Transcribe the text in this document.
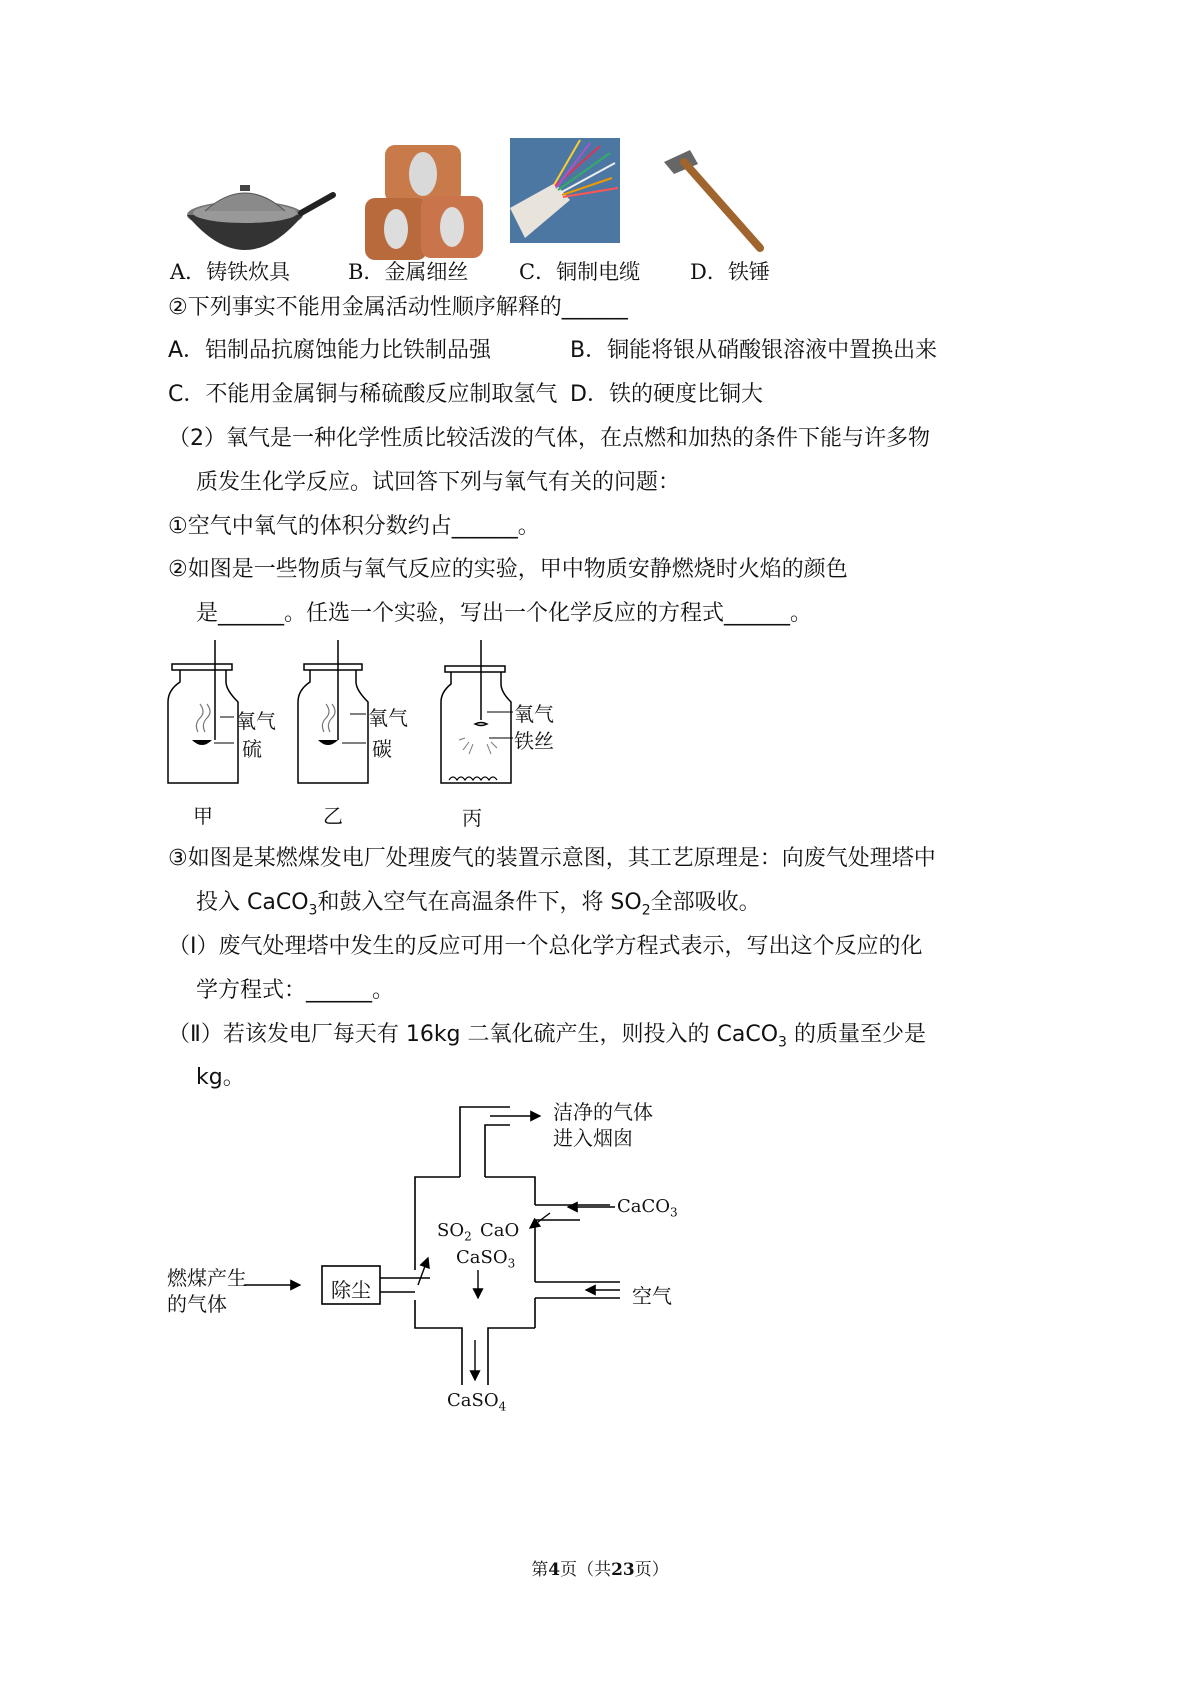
A．铸铁炊具	B．金属细丝 C．铜制电缆 D．铁锤
②下列事实不能用金属活动性顺序解释的______
A．铝制品抗腐蚀能力比铁制品强	B．铜能将银从硝酸银溶液中置换出来
C．不能用金属铜与稀硫酸反应制取氢气 D．铁的硬度比铜大
（2）氧气是一种化学性质比较活泼的气体，在点燃和加热的条件下能与许多物
质发生化学反应。试回答下列与氧气有关的问题：
①空气中氧气的体积分数约占______。
②如图是一些物质与氧气反应的实验，甲中物质安静燃烧时火焰的颜色
是______。任选一个实验，写出一个化学反应的方程式______。
氧气
硫
甲
氧气
碳
乙
氧气
铁丝
丙
③如图是某燃煤发电厂处理废气的装置示意图，其工艺原理是：向废气处理塔中
投入 CaCO$_3$和鼓入空气在高温条件下，将 $SO_2$全部吸收。
（Ⅰ）废气处理塔中发生的反应可用一个总化学方程式表示，写出这个反应的化
学方程式：______。
（Ⅱ）若该发电厂每天有 16kg 二氧化硫产生，则投入的 CaCO$_3$ 的质量至少是
kg。
洁净的气体
进入烟囱
CaCO$_3$
$SO_2$ CaO
CaSO$_3$
燃煤产生
的气体
除尘	空气
CaSO$_4$
第4页（共23页）
